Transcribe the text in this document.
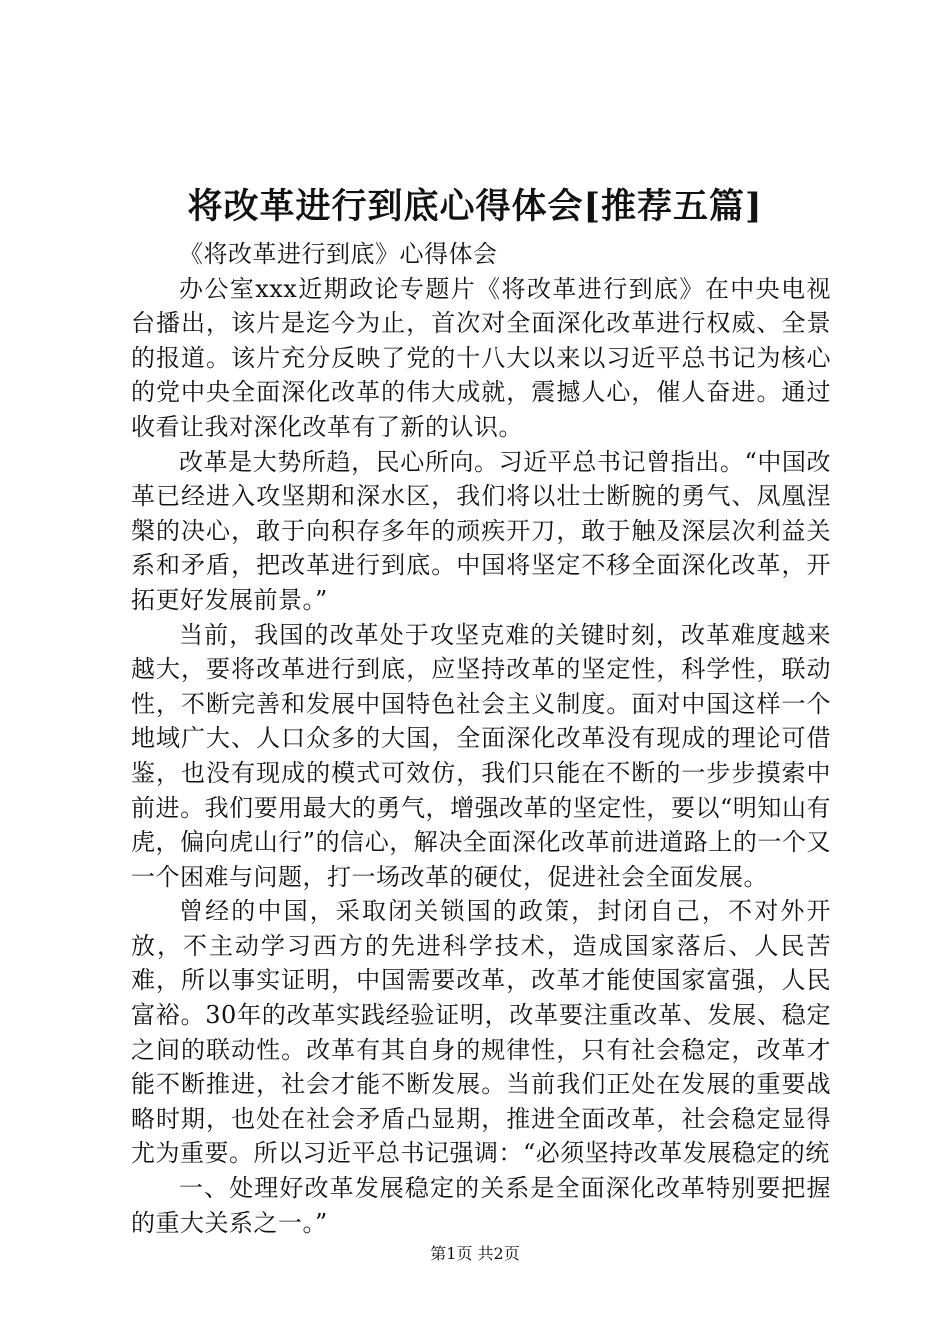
将改革进行到底心得体会[推荐五篇]

《将改革进行到底》心得体会

办公室xxx近期政论专题片《将改革进行到底》在中央电视台播出，该片是迄今为止，首次对全面深化改革进行权威、全景的报道。该片充分反映了党的十八大以来以习近平总书记为核心的党中央全面深化改革的伟大成就，震撼人心，催人奋进。通过收看让我对深化改革有了新的认识。

改革是大势所趋，民心所向。习近平总书记曾指出。“中国改革已经进入攻坚期和深水区，我们将以壮士断腕的勇气、凤凰涅槃的决心，敢于向积存多年的顽疾开刀，敢于触及深层次利益关系和矛盾，把改革进行到底。中国将坚定不移全面深化改革，开拓更好发展前景。”

当前，我国的改革处于攻坚克难的关键时刻，改革难度越来越大，要将改革进行到底，应坚持改革的坚定性，科学性，联动性，不断完善和发展中国特色社会主义制度。面对中国这样一个地域广大、人口众多的大国，全面深化改革没有现成的理论可借鉴，也没有现成的模式可效仿，我们只能在不断的一步步摸索中前进。我们要用最大的勇气，增强改革的坚定性，要以“明知山有虎，偏向虎山行”的信心，解决全面深化改革前进道路上的一个又一个困难与问题，打一场改革的硬仗，促进社会全面发展。

曾经的中国，采取闭关锁国的政策，封闭自己，不对外开放，不主动学习西方的先进科学技术，造成国家落后、人民苦难，所以事实证明，中国需要改革，改革才能使国家富强，人民富裕。30年的改革实践经验证明，改革要注重改革、发展、稳定之间的联动性。改革有其自身的规律性，只有社会稳定，改革才能不断推进，社会才能不断发展。当前我们正处在发展的重要战略时期，也处在社会矛盾凸显期，推进全面改革，社会稳定显得尤为重要。所以习近平总书记强调：“必须坚持改革发展稳定的统

一、处理好改革发展稳定的关系是全面深化改革特别要把握的重大关系之一。”

第1页 共2页
